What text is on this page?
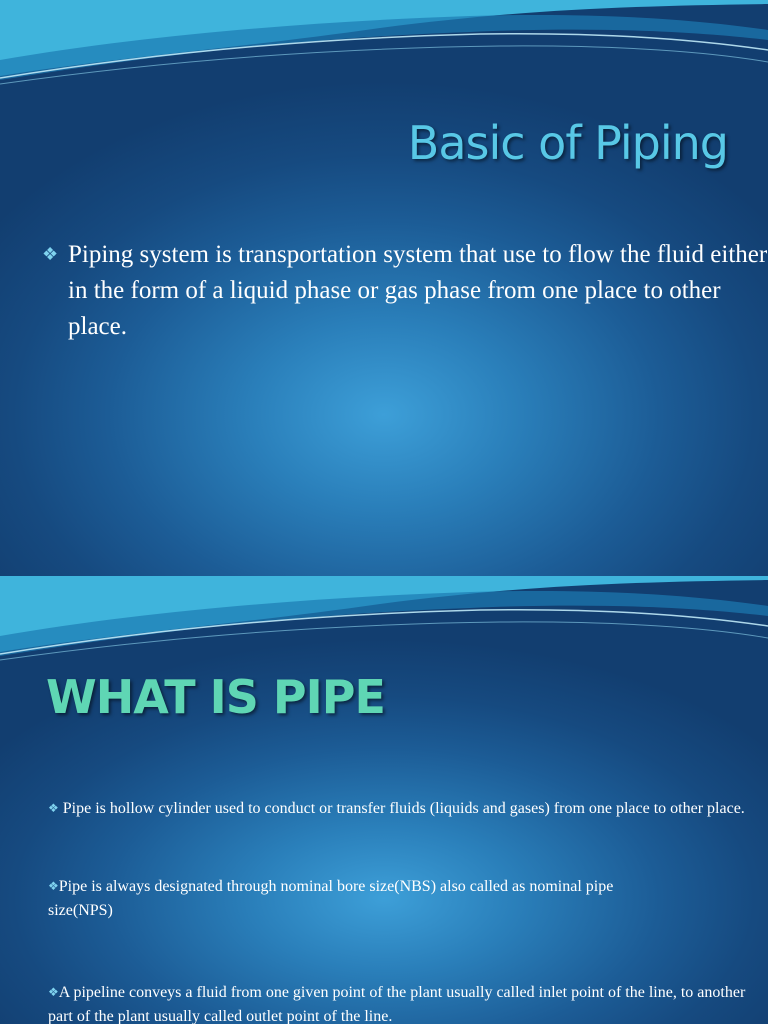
Basic of Piping

❖ Piping system is transportation system that use to flow the fluid either in the form of a liquid phase or gas phase from one place to other place.

WHAT IS PIPE

❖ Pipe is hollow cylinder used to conduct or transfer fluids (liquids and gases) from one place to other place.

❖Pipe is always designated through nominal bore size(NBS) also called as nominal pipe
size(NPS)

❖A pipeline conveys a fluid from one given point of the plant usually called inlet point of the line, to another part of the plant usually called outlet point of the line.
